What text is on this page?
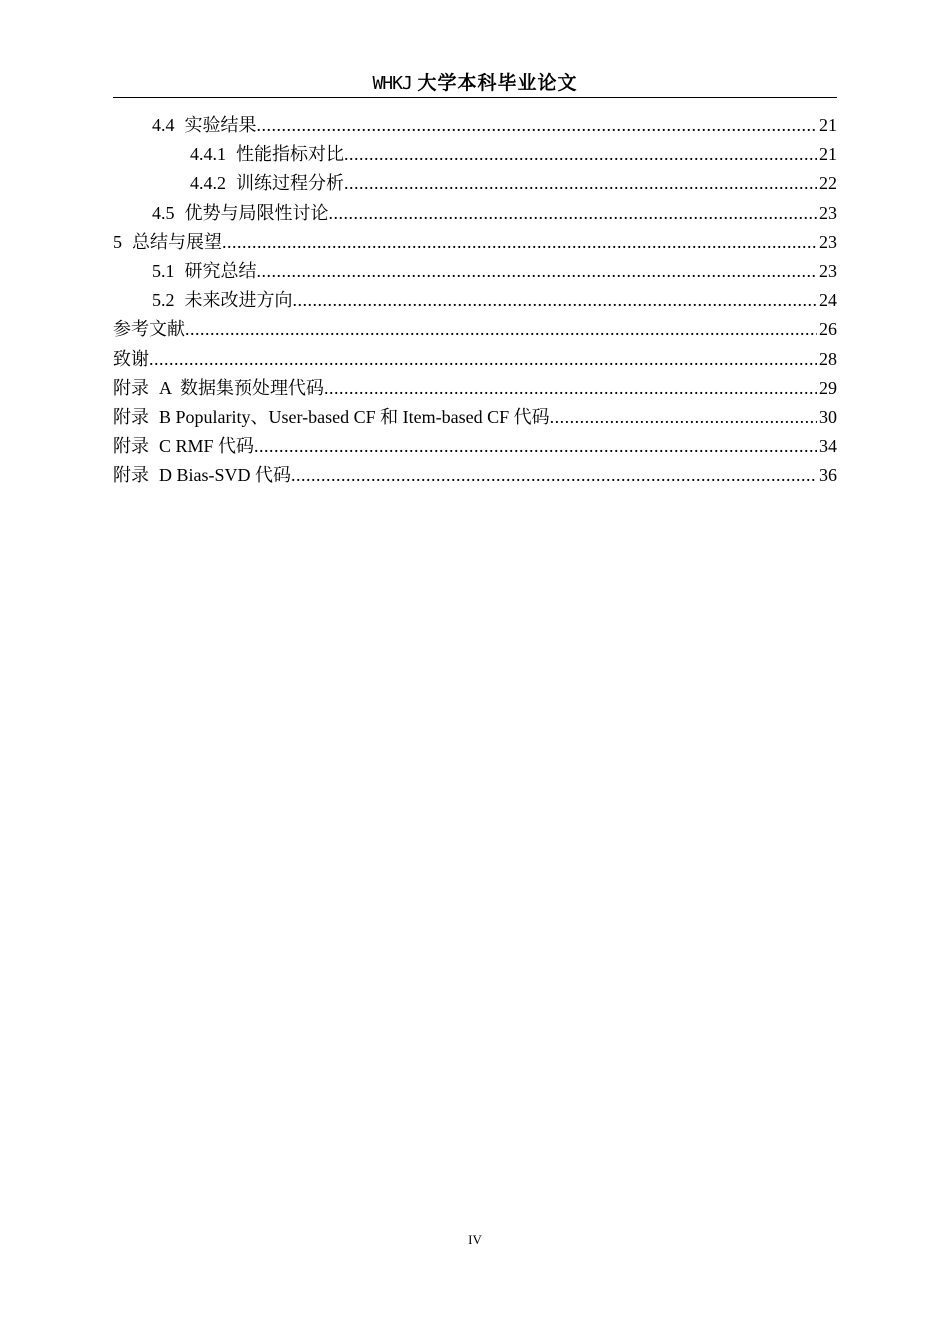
WHKJ 大学本科毕业论文
4.4 实验结果 .....	21
4.4.1 性能指标对比 .....	21
4.4.2 训练过程分析 .....	22
4.5 优势与局限性讨论 .....	23
5 总结与展望 .....	23
5.1 研究总结 .....	23
5.2 未来改进方向 .....	24
参考文献 .....	26
致谢 .....	28
附录 A  数据集预处理代码 .....	29
附录 B Popularity、User-based CF 和 Item-based CF 代码 .....	30
附录 C RMF 代码 .....	34
附录 D Bias-SVD 代码 .....	36
IV
